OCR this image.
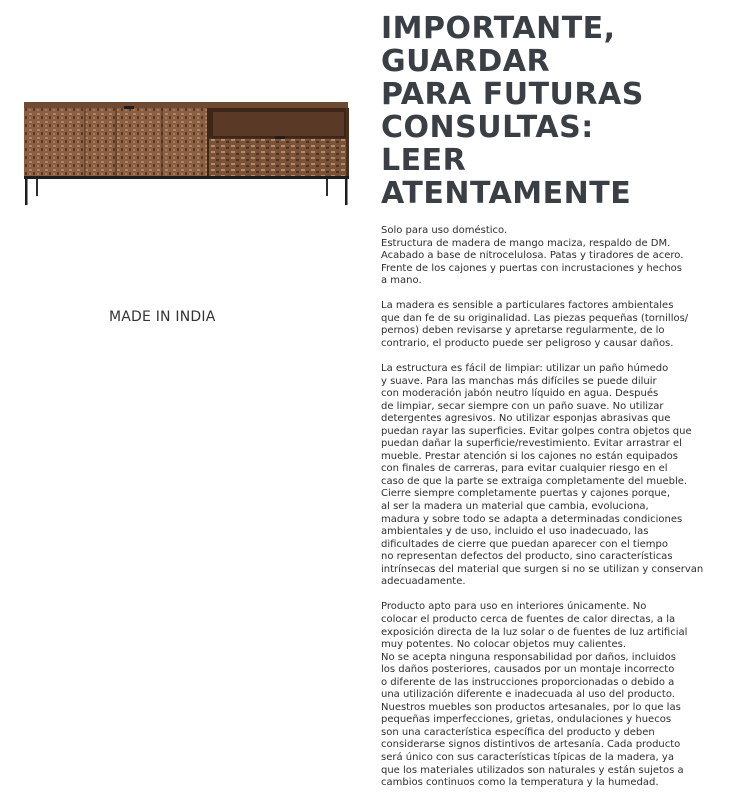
MADE IN INDIA
IMPORTANTE,
GUARDAR
PARA FUTURAS
CONSULTAS:
LEER
ATENTAMENTE

Solo para uso doméstico.
Estructura de madera de mango maciza, respaldo de DM.
Acabado a base de nitrocelulosa. Patas y tiradores de acero.
Frente de los cajones y puertas con incrustaciones y hechos
a mano.

La madera es sensible a particulares factores ambientales
que dan fe de su originalidad. Las piezas pequeñas (tornillos/
pernos) deben revisarse y apretarse regularmente, de lo
contrario, el producto puede ser peligroso y causar daños.

La estructura es fácil de limpiar: utilizar un paño húmedo
y suave. Para las manchas más difíciles se puede diluir
con moderación jabón neutro líquido en agua. Después
de limpiar, secar siempre con un paño suave. No utilizar
detergentes agresivos. No utilizar esponjas abrasivas que
puedan rayar las superficies. Evitar golpes contra objetos que
puedan dañar la superficie/revestimiento. Evitar arrastrar el
mueble. Prestar atención si los cajones no están equipados
con finales de carreras, para evitar cualquier riesgo en el
caso de que la parte se extraiga completamente del mueble.
Cierre siempre completamente puertas y cajones porque,
al ser la madera un material que cambia, evoluciona,
madura y sobre todo se adapta a determinadas condiciones
ambientales y de uso, incluido el uso inadecuado, las
dificultades de cierre que puedan aparecer con el tiempo
no representan defectos del producto, sino características
intrínsecas del material que surgen si no se utilizan y conservan
adecuadamente.

Producto apto para uso en interiores únicamente. No
colocar el producto cerca de fuentes de calor directas, a la
exposición directa de la luz solar o de fuentes de luz artificial
muy potentes. No colocar objetos muy calientes.
No se acepta ninguna responsabilidad por daños, incluidos
los daños posteriores, causados por un montaje incorrecto
o diferente de las instrucciones proporcionadas o debido a
una utilización diferente e inadecuada al uso del producto.
Nuestros muebles son productos artesanales, por lo que las
pequeñas imperfecciones, grietas, ondulaciones y huecos
son una característica específica del producto y deben
considerarse signos distintivos de artesanía. Cada producto
será único con sus características típicas de la madera, ya
que los materiales utilizados son naturales y están sujetos a
cambios continuos como la temperatura y la humedad.
